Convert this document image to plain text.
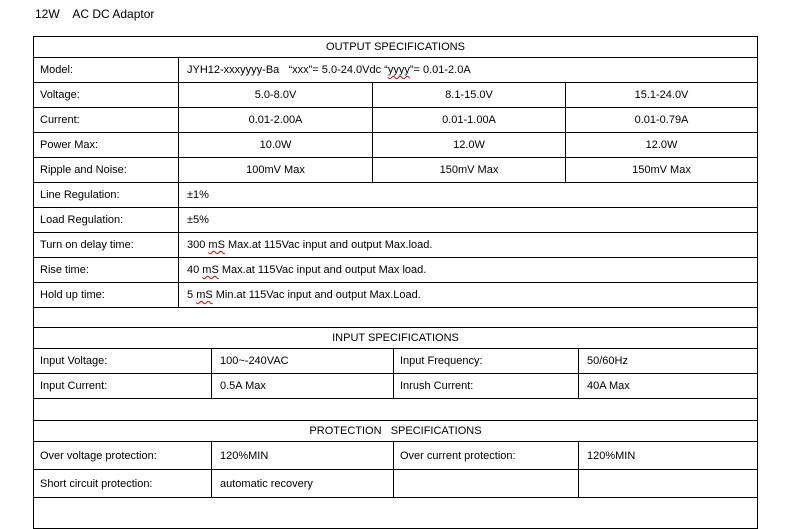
12W    AC DC Adaptor
OUTPUT SPECIFICATIONS
Model:	JYH12-xxxyyyy-Ba   “xxx”= 5.0-24.0Vdc “ yyyy ”= 0.01-2.0A
Voltage:	5.0-8.0V	8.1-15.0V	15.1-24.0V
Current:	0.01-2.00A	0.01-1.00A	0.01-0.79A
Power Max:	10.0W	12.0W	12.0W
Ripple and Noise:	100mV Max	150mV Max	150mV Max
Line Regulation:	±1%
Load Regulation:	±5%
Turn on delay time:	300 mS Max.at 115Vac input and output Max.load.
Rise time:	40 mS Max.at 115Vac input and output Max load.
Hold up time:	5 mS Min.at 115Vac input and output Max.Load.
INPUT SPECIFICATIONS
Input Voltage:	100~-240VAC	Input Frequency:	50/60Hz
Input Current:	0.5A Max	Inrush Current:	40A Max
PROTECTION   SPECIFICATIONS
Over voltage protection:	120%MIN	Over current protection:	120%MIN
Short circuit protection:	automatic recovery
